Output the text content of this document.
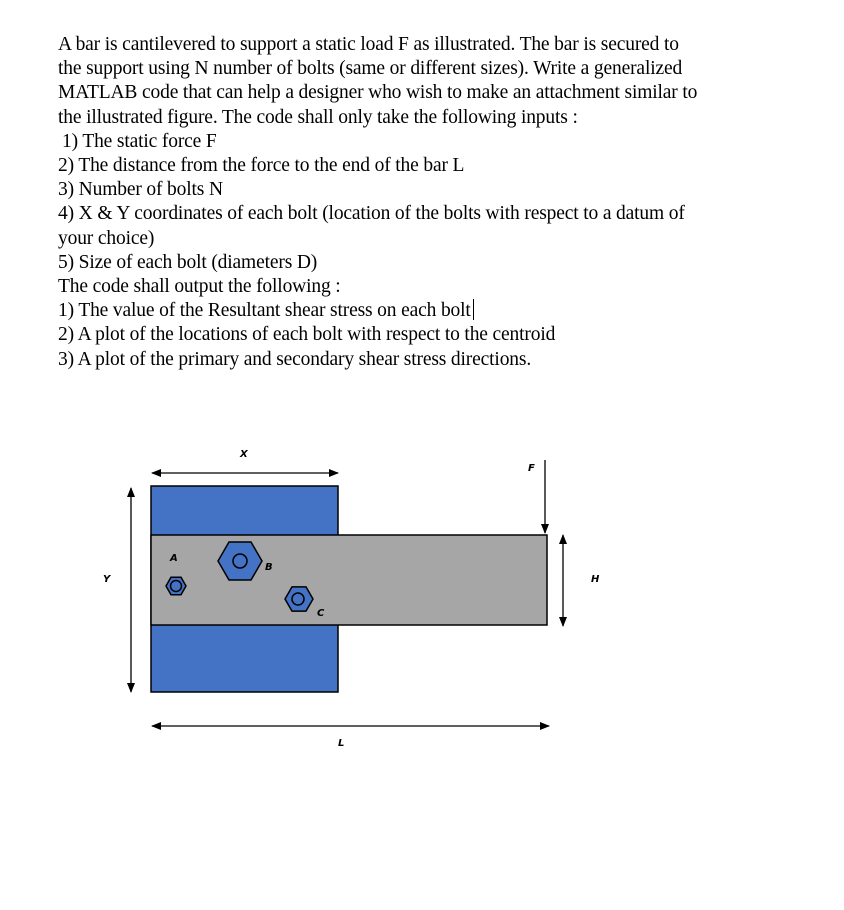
A bar is cantilevered to support a static load F as illustrated. The bar is secured to
the support using N number of bolts (same or different sizes). Write a generalized
MATLAB code that can help a designer who wish to make an attachment similar to
the illustrated figure. The code shall only take the following inputs :
1) The static force F
2) The distance from the force to the end of the bar L
3) Number of bolts N
4) X & Y coordinates of each bolt (location of the bolts with respect to a datum of
your choice)
5) Size of each bolt (diameters D)
The code shall output the following :
1) The value of the Resultant shear stress on each bolt
2) A plot of the locations of each bolt with respect to the centroid
3) A plot of the primary and secondary shear stress directions.
X
Y
F
H
L
A
B
C
